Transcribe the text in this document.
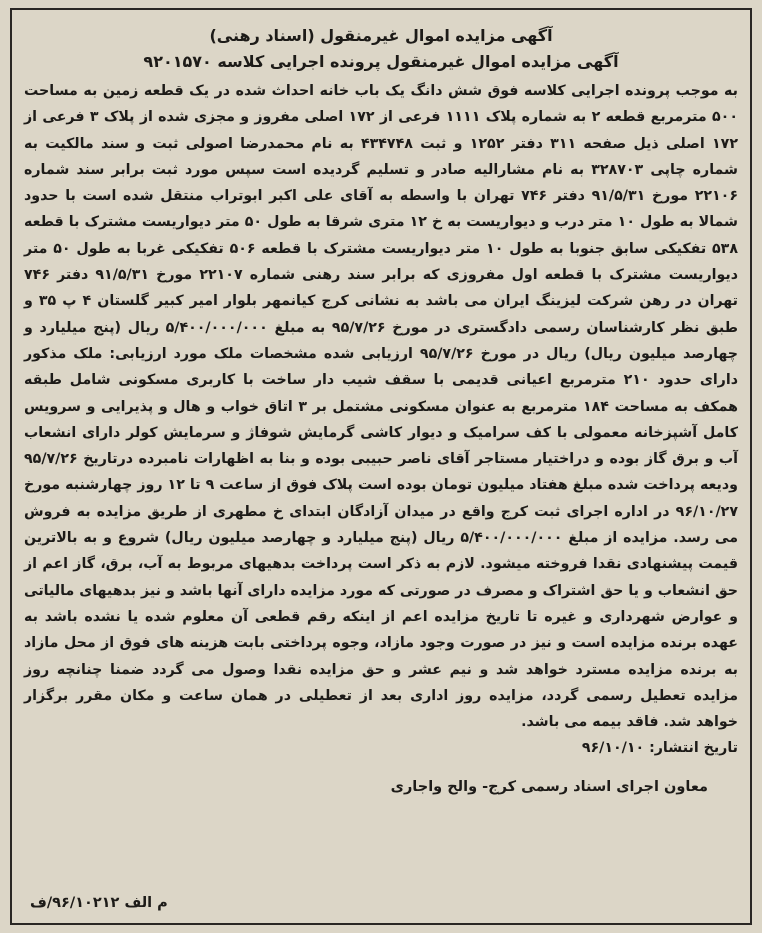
آگهی مزایده اموال غیرمنقول (اسناد رهنی)
آگهی مزایده اموال غیرمنقول پرونده اجرایی کلاسه ۹۲۰۱۵۷۰

به موجب پرونده اجرایی کلاسه فوق شش دانگ یک باب خانه احداث شده در یک قطعه زمین به مساحت ۵۰۰ مترمربع قطعه ۲ به شماره پلاک ۱۱۱۱ فرعی از ۱۷۲ اصلی مفروز و مجزی شده از پلاک ۳ فرعی از ۱۷۲ اصلی ذیل صفحه ۳۱۱ دفتر ۱۲۵۲ و ثبت ۴۳۴۷۴۸ به نام محمدرضا اصولی ثبت و سند مالکیت به شماره چاپی ۳۲۸۷۰۳ به نام مشارالیه صادر و تسلیم گردیده است سپس مورد ثبت برابر سند شماره ۲۲۱۰۶ مورخ ۹۱/۵/۳۱ دفتر ۷۴۶ تهران با واسطه به آقای علی اکبر ابوتراب منتقل شده است با حدود شمالا به طول ۱۰ متر درب و دیواریست به خ ۱۲ متری شرقا به طول ۵۰ متر دیواریست مشترک با قطعه ۵۳۸ تفکیکی سابق جنوبا به طول ۱۰ متر دیواریست مشترک با قطعه ۵۰۶ تفکیکی غربا به طول ۵۰ متر دیواریست مشترک با قطعه اول مفروزی که برابر سند رهنی شماره ۲۲۱۰۷ مورخ ۹۱/۵/۳۱ دفتر ۷۴۶ تهران در رهن شرکت لیزینگ ایران می باشد به نشانی کرج کیانمهر بلوار امیر کبیر گلستان ۴ پ ۳۵ و طبق نظر کارشناسان رسمی دادگستری در مورخ ۹۵/۷/۲۶ به مبلغ ۵/۴۰۰/۰۰۰/۰۰۰ ریال (پنج میلیارد و چهارصد میلیون ریال) ریال در مورخ ۹۵/۷/۲۶ ارزیابی شده مشخصات ملک مورد ارزیابی: ملک مذکور دارای حدود ۲۱۰ مترمربع اعیانی قدیمی با سقف شیب دار ساخت با کاربری مسکونی شامل طبقه همکف به مساحت ۱۸۴ مترمربع به عنوان مسکونی مشتمل بر ۳ اتاق خواب و هال و پذیرایی و سرویس کامل آشپزخانه معمولی با کف سرامیک و دیوار کاشی گرمایش شوفاژ و سرمایش کولر دارای انشعاب آب و برق گاز بوده و دراختیار مستاجر آقای ناصر حبیبی بوده و بنا به اظهارات نامبرده درتاریخ ۹۵/۷/۲۶ ودیعه پرداخت شده مبلغ هفتاد میلیون تومان بوده است پلاک فوق از ساعت ۹ تا ۱۲ روز چهارشنبه مورخ ۹۶/۱۰/۲۷ در اداره اجرای ثبت کرج واقع در میدان آزادگان ابتدای خ مطهری از طریق مزایده به فروش می رسد. مزایده از مبلغ ۵/۴۰۰/۰۰۰/۰۰۰ ریال (پنج میلیارد و چهارصد میلیون ریال) شروع و به بالاترین قیمت پیشنهادی نقدا فروخته میشود. لازم به ذکر است پرداخت بدهیهای مربوط به آب، برق، گاز اعم از حق انشعاب و یا حق اشتراک و مصرف در صورتی که مورد مزایده دارای آنها باشد و نیز بدهیهای مالیاتی و عوارض شهرداری و غیره تا تاریخ مزایده اعم از اینکه رقم قطعی آن معلوم شده یا نشده باشد به عهده برنده مزایده است و نیز در صورت وجود مازاد، وجوه پرداختی بابت هزینه های فوق از محل مازاد به برنده مزایده مسترد خواهد شد و نیم عشر و حق مزایده نقدا وصول می گردد ضمنا چنانچه روز مزایده تعطیل رسمی گردد، مزایده روز اداری بعد از تعطیلی در همان ساعت و مکان مقرر برگزار خواهد شد. فاقد بیمه می باشد.

تاریخ انتشار: ۹۶/۱۰/۱۰

معاون اجرای اسناد رسمی کرج- والح واجاری

م الف ۹۶/۱۰۲۱۲/ف
